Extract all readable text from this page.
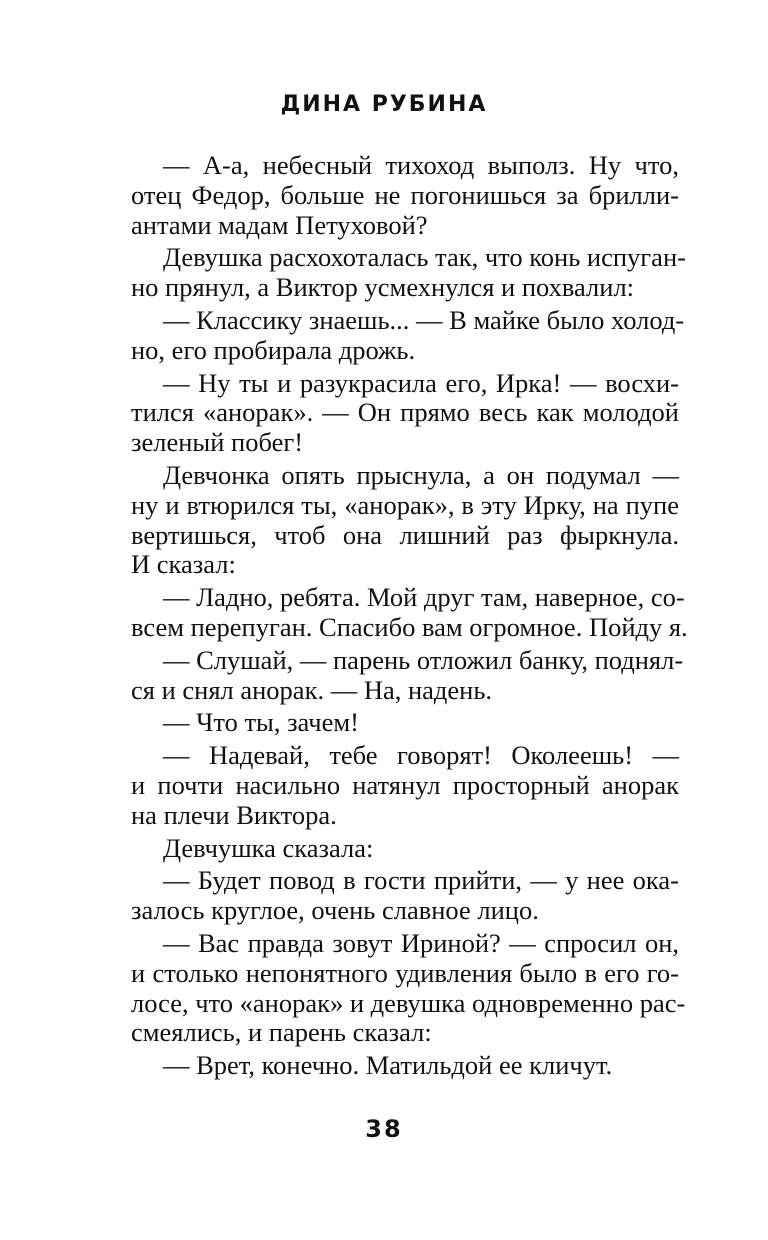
ДИНА РУБИНА
— А-а, небесный тихоход выполз. Ну что,
отец Федор, больше не погонишься за брилли-
антами мадам Петуховой?
Девушка расхохоталась так, что конь испуган-
но прянул, а Виктор усмехнулся и похвалил:
— Классику знаешь... — В майке было холод-
но, его пробирала дрожь.
— Ну ты и разукрасила его, Ирка! — восхи-
тился «анорак». — Он прямо весь как молодой
зеленый побег!
Девчонка опять прыснула, а он подумал —
ну и втюрился ты, «анорак», в эту Ирку, на пупе
вертишься, чтоб она лишний раз фыркнула.
И сказал:
— Ладно, ребята. Мой друг там, наверное, со-
всем перепуган. Спасибо вам огромное. Пойду я.
— Слушай, — парень отложил банку, поднял-
ся и снял анорак. — На, надень.
— Что ты, зачем!
— Надевай, тебе говорят! Околеешь! —
и почти насильно натянул просторный анорак
на плечи Виктора.
Девчушка сказала:
— Будет повод в гости прийти, — у нее ока-
залось круглое, очень славное лицо.
— Вас правда зовут Ириной? — спросил он,
и столько непонятного удивления было в его го-
лосе, что «анорак» и девушка одновременно рас-
смеялись, и парень сказал:
— Врет, конечно. Матильдой ее кличут.
38
